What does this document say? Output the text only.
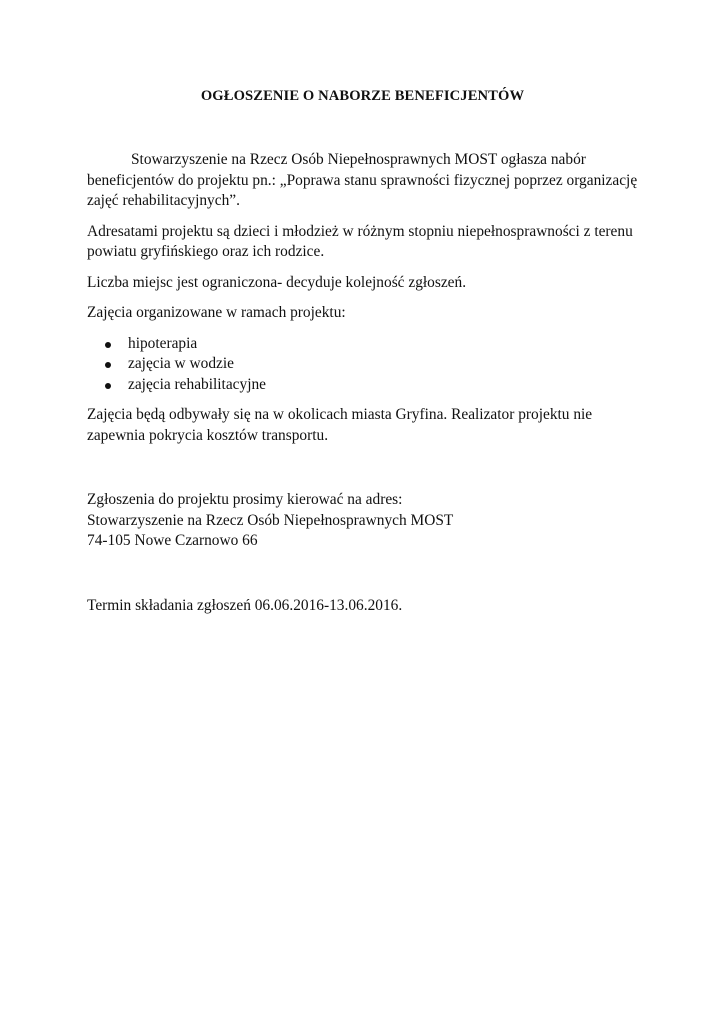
OGŁOSZENIE O NABORZE BENEFICJENTÓW

Stowarzyszenie na Rzecz Osób Niepełnosprawnych MOST ogłasza nabór beneficjentów do projektu pn.: „Poprawa stanu sprawności fizycznej poprzez organizację zajęć rehabilitacyjnych”.

Adresatami projektu są dzieci i młodzież w różnym stopniu niepełnosprawności z terenu powiatu gryfińskiego oraz ich rodzice.

Liczba miejsc jest ograniczona- decyduje kolejność zgłoszeń.

Zajęcia organizowane w ramach projektu:

hipoterapia
zajęcia w wodzie
zajęcia rehabilitacyjne

Zajęcia będą odbywały się na w okolicach miasta Gryfina. Realizator projektu nie zapewnia pokrycia kosztów transportu.

Zgłoszenia do projektu prosimy kierować na adres:

Stowarzyszenie na Rzecz Osób Niepełnosprawnych MOST

74-105 Nowe Czarnowo 66

Termin składania zgłoszeń 06.06.2016-13.06.2016.
